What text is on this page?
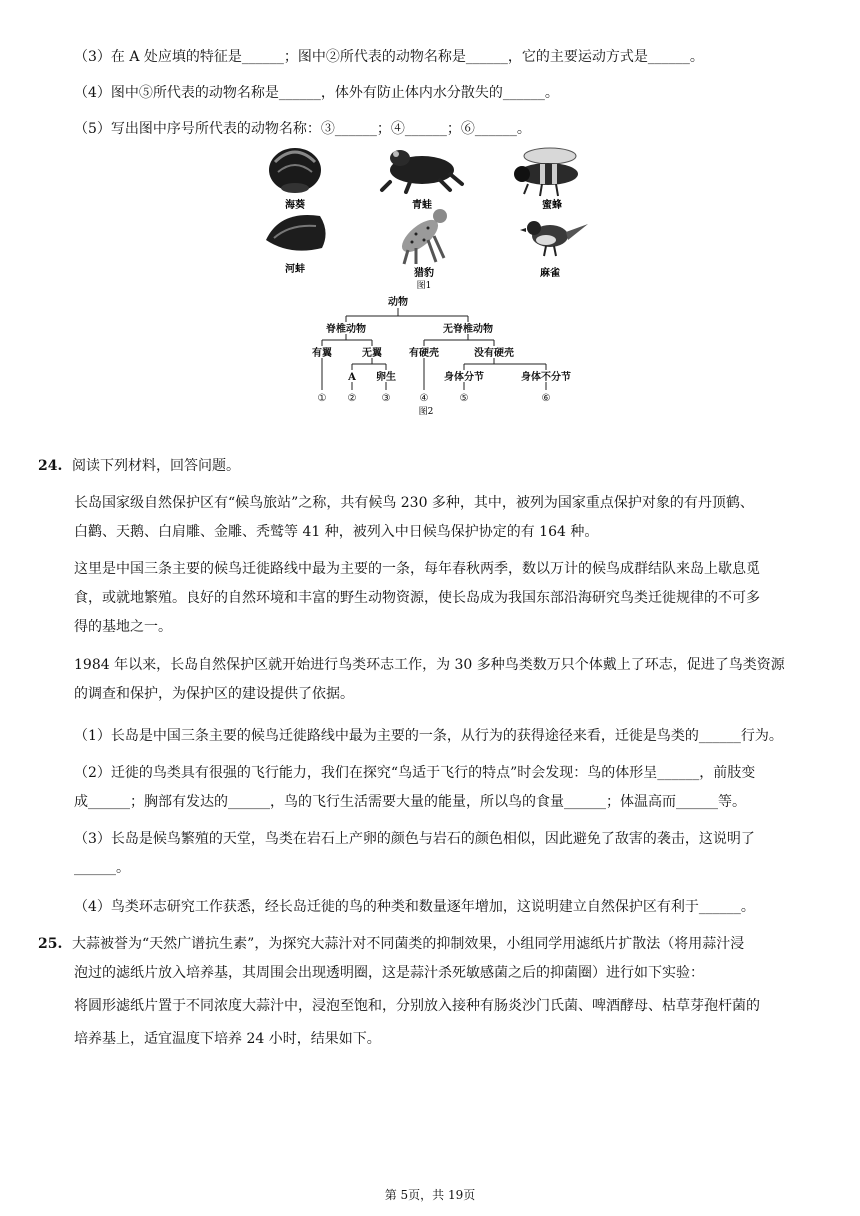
（3）在 A 处应填的特征是______；图中②所代表的动物名称是______，它的主要运动方式是______。
（4）图中⑤所代表的动物名称是______，体外有防止体内水分散失的______。
（5）写出图中序号所代表的动物名称：③______；④______；⑥______。
海葵	青蛙	蜜蜂
河蚌	猎豹	麻雀
图1
动物
脊椎动物	无脊椎动物
有翼	无翼	有硬壳	没有硬壳
A 卵生	身体分节	身体不分节
① ②	③	④	⑤	⑥
图2
24. 阅读下列材料，回答问题。
长岛国家级自然保护区有“候鸟旅站”之称，共有候鸟 230 多种，其中，被列为国家重点保护对象的有丹顶鹤、
白鹳、天鹅、白肩雕、金雕、秃鹫等 41 种，被列入中日候鸟保护协定的有 164 种。
这里是中国三条主要的候鸟迁徙路线中最为主要的一条，每年春秋两季，数以万计的候鸟成群结队来岛上歇息觅
食，或就地繁殖。良好的自然环境和丰富的野生动物资源，使长岛成为我国东部沿海研究鸟类迁徙规律的不可多
得的基地之一。
1984 年以来，长岛自然保护区就开始进行鸟类环志工作，为 30 多种鸟类数万只个体戴上了环志，促进了鸟类资源
的调查和保护，为保护区的建设提供了依据。
（1）长岛是中国三条主要的候鸟迁徙路线中最为主要的一条，从行为的获得途径来看，迁徙是鸟类的______行为。
（2）迁徙的鸟类具有很强的飞行能力，我们在探究“鸟适于飞行的特点”时会发现：鸟的体形呈______，前肢变
成______；胸部有发达的______，鸟的飞行生活需要大量的能量，所以鸟的食量______；体温高而______等。
（3）长岛是候鸟繁殖的天堂，鸟类在岩石上产卵的颜色与岩石的颜色相似，因此避免了敌害的袭击，这说明了
______。
（4）鸟类环志研究工作获悉，经长岛迁徙的鸟的种类和数量逐年增加，这说明建立自然保护区有利于______。
25. 大蒜被誉为“天然广谱抗生素”，为探究大蒜汁对不同菌类的抑制效果，小组同学用滤纸片扩散法（将用蒜汁浸
泡过的滤纸片放入培养基，其周围会出现透明圈，这是蒜汁杀死敏感菌之后的抑菌圈）进行如下实验：
将圆形滤纸片置于不同浓度大蒜汁中，浸泡至饱和，分别放入接种有肠炎沙门氏菌、啤酒酵母、枯草芽孢杆菌的
培养基上，适宜温度下培养 24 小时，结果如下。
第 5页，共 19页
